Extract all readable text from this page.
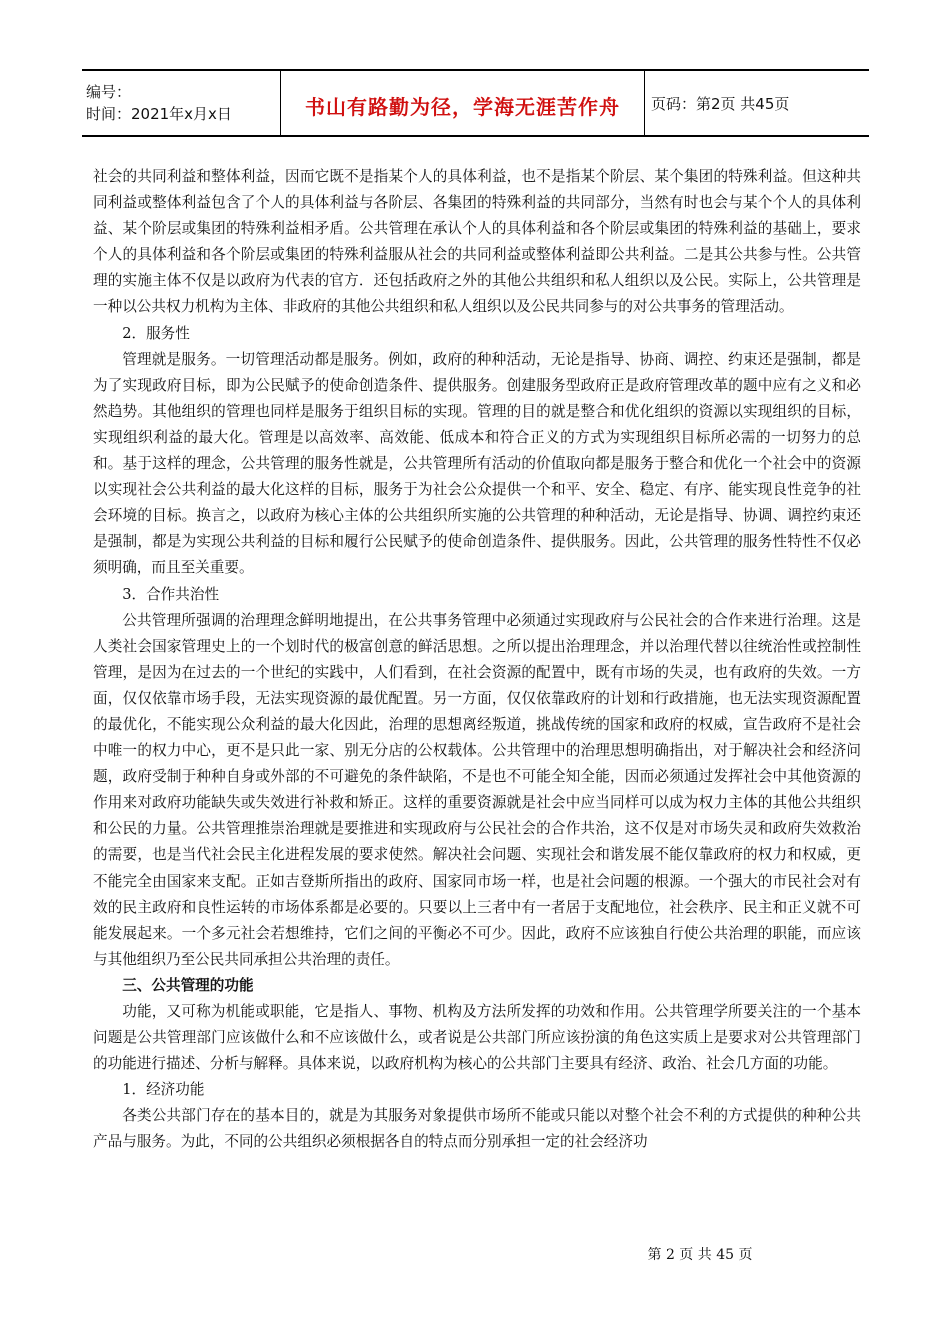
编号：
时间：2021年x月x日	书山有路勤为径，学海无涯苦作舟 页码：第2页 共45页

社会的共同利益和整体利益，因而它既不是指某个人的具体利益，也不是指某个阶层、某个集团的特殊利益。但这种共同利益或整体利益包含了个人的具体利益与各阶层、各集团的特殊利益的共同部分，当然有时也会与某个个人的具体利益、某个阶层或集团的特殊利益相矛盾。公共管理在承认个人的具体利益和各个阶层或集团的特殊利益的基础上，要求个人的具体利益和各个阶层或集团的特殊利益服从社会的共同利益或整体利益即公共利益。二是其公共参与性。公共管理的实施主体不仅是以政府为代表的官方．还包括政府之外的其他公共组织和私人组织以及公民。实际上，公共管理是一种以公共权力机构为主体、非政府的其他公共组织和私人组织以及公民共同参与的对公共事务的管理活动。

2．服务性

管理就是服务。一切管理活动都是服务。例如，政府的种种活动，无论是指导、协商、调控、约束还是强制，都是为了实现政府目标，即为公民赋予的使命创造条件、提供服务。创建服务型政府正是政府管理改革的题中应有之义和必然趋势。其他组织的管理也同样是服务于组织目标的实现。管理的目的就是整合和优化组织的资源以实现组织的目标，实现组织利益的最大化。管理是以高效率、高效能、低成本和符合正义的方式为实现组织目标所必需的一切努力的总和。基于这样的理念，公共管理的服务性就是，公共管理所有活动的价值取向都是服务于整合和优化一个社会中的资源以实现社会公共利益的最大化这样的目标，服务于为社会公众提供一个和平、安全、稳定、有序、能实现良性竞争的社会环境的目标。换言之，以政府为核心主体的公共组织所实施的公共管理的种种活动，无论是指导、协调、调控约束还是强制，都是为实现公共利益的目标和履行公民赋予的使命创造条件、提供服务。因此，公共管理的服务性特性不仅必须明确，而且至关重要。

3．合作共治性

公共管理所强调的治理理念鲜明地提出，在公共事务管理中必须通过实现政府与公民社会的合作来进行治理。这是人类社会国家管理史上的一个划时代的极富创意的鲜活思想。之所以提出治理理念，并以治理代替以往统治性或控制性管理，是因为在过去的一个世纪的实践中，人们看到，在社会资源的配置中，既有市场的失灵，也有政府的失效。一方面，仅仅依靠市场手段，无法实现资源的最优配置。另一方面，仅仅依靠政府的计划和行政措施，也无法实现资源配置的最优化，不能实现公众利益的最大化因此，治理的思想离经叛道，挑战传统的国家和政府的权威，宣告政府不是社会中唯一的权力中心，更不是只此一家、别无分店的公权载体。公共管理中的治理思想明确指出，对于解决社会和经济问题，政府受制于种种自身或外部的不可避免的条件缺陷，不是也不可能全知全能，因而必须通过发挥社会中其他资源的作用来对政府功能缺失或失效进行补救和矫正。这样的重要资源就是社会中应当同样可以成为权力主体的其他公共组织和公民的力量。公共管理推崇治理就是要推进和实现政府与公民社会的合作共治，这不仅是对市场失灵和政府失效救治的需要，也是当代社会民主化进程发展的要求使然。解决社会问题、实现社会和谐发展不能仅靠政府的权力和权威，更不能完全由国家来支配。正如吉登斯所指出的政府、国家同市场一样，也是社会问题的根源。一个强大的市民社会对有效的民主政府和良性运转的市场体系都是必要的。只要以上三者中有一者居于支配地位，社会秩序、民主和正义就不可能发展起来。一个多元社会若想维持，它们之间的平衡必不可少。因此，政府不应该独自行使公共治理的职能，而应该与其他组织乃至公民共同承担公共治理的责任。

三、公共管理的功能

功能，又可称为机能或职能，它是指人、事物、机构及方法所发挥的功效和作用。公共管理学所要关注的一个基本问题是公共管理部门应该做什么和不应该做什么，或者说是公共部门所应该扮演的角色这实质上是要求对公共管理部门的功能进行描述、分析与解释。具体来说，以政府机构为核心的公共部门主要具有经济、政治、社会几方面的功能。

1．经济功能

各类公共部门存在的基本目的，就是为其服务对象提供市场所不能或只能以对整个社会不利的方式提供的种种公共产品与服务。为此，不同的公共组织必须根据各自的特点而分别承担一定的社会经济功

第 2 页 共 45 页
